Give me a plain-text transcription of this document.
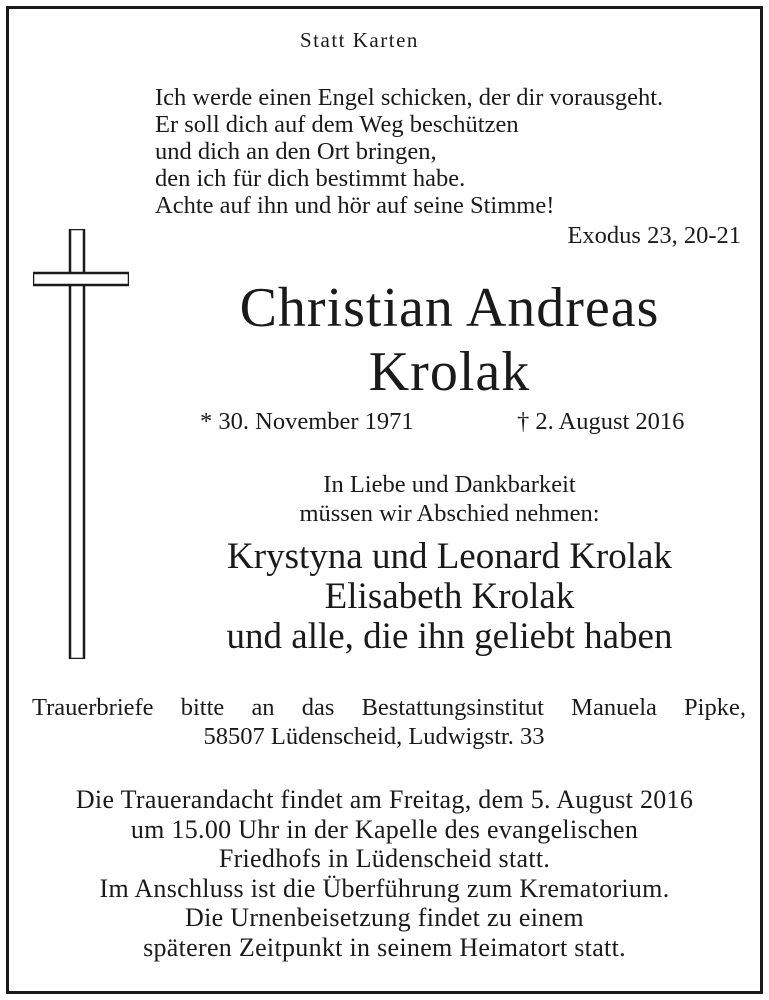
Statt Karten
Ich werde einen Engel schicken, der dir vorausgeht.
Er soll dich auf dem Weg beschützen
und dich an den Ort bringen,
den ich für dich bestimmt habe.
Achte auf ihn und hör auf seine Stimme!
Exodus 23, 20-21
Christian Andreas
Krolak
* 30. November 1971	† 2. August 2016
In Liebe und Dankbarkeit
müssen wir Abschied nehmen:
Krystyna und Leonard Krolak
Elisabeth Krolak
und alle, die ihn geliebt haben
Trauerbriefe bitte an das Bestattungsinstitut Manuela Pipke,
58507 Lüdenscheid, Ludwigstr. 33
Die Trauerandacht findet am Freitag, dem 5. August 2016
um 15.00 Uhr in der Kapelle des evangelischen
Friedhofs in Lüdenscheid statt.
Im Anschluss ist die Überführung zum Krematorium.
Die Urnenbeisetzung findet zu einem
späteren Zeitpunkt in seinem Heimatort statt.
